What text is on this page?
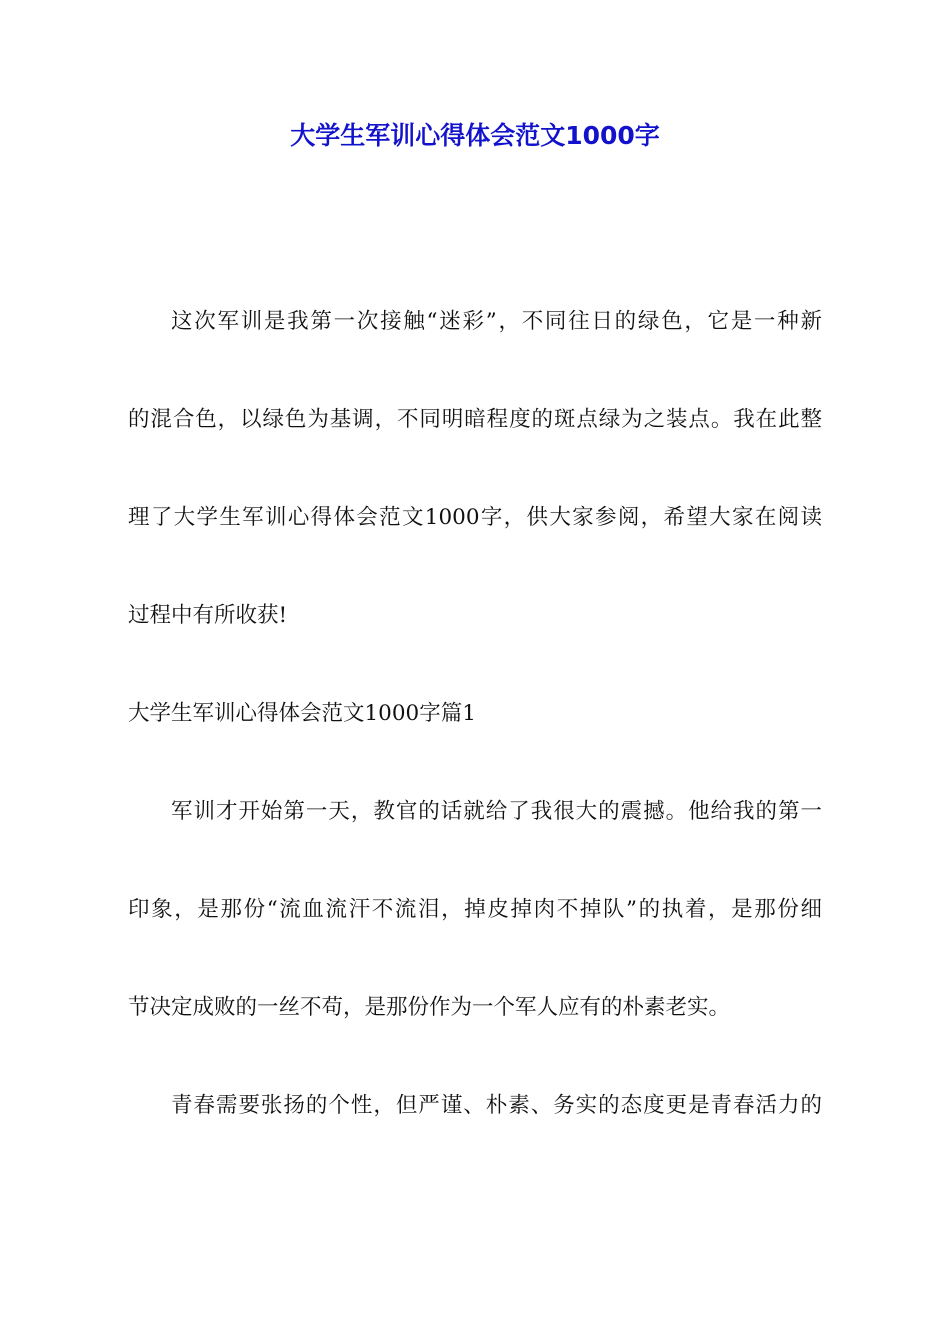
大学生军训心得体会范文1000字
这次军训是我第一次接触“迷彩”，不同往日的绿色，它是一种新
的混合色，以绿色为基调，不同明暗程度的斑点绿为之装点。我在此整
理了大学生军训心得体会范文1000字，供大家参阅，希望大家在阅读
过程中有所收获!
大学生军训心得体会范文1000字篇1
军训才开始第一天，教官的话就给了我很大的震撼。他给我的第一
印象，是那份“流血流汗不流泪，掉皮掉肉不掉队”的执着，是那份细
节决定成败的一丝不苟，是那份作为一个军人应有的朴素老实。
青春需要张扬的个性，但严谨、朴素、务实的态度更是青春活力的
